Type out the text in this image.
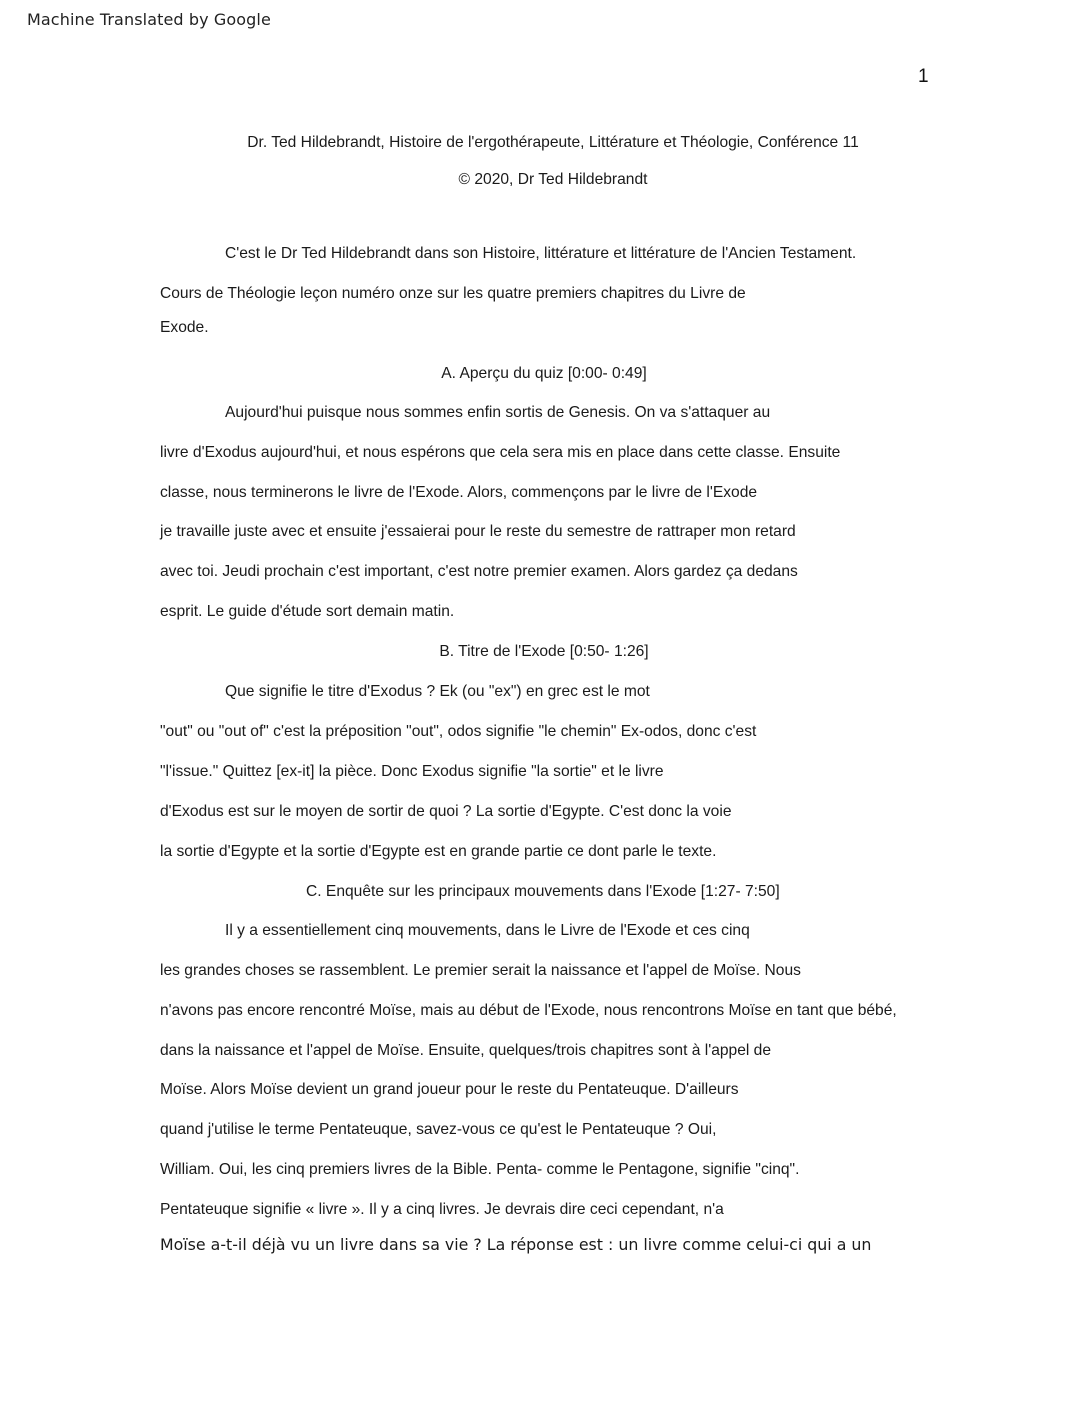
Machine Translated by Google
1
Dr. Ted Hildebrandt, Histoire de l'ergothérapeute, Littérature et Théologie, Conférence 11
© 2020, Dr Ted Hildebrandt
C'est le Dr Ted Hildebrandt dans son Histoire, littérature et littérature de l'Ancien Testament.
Cours de Théologie leçon numéro onze sur les quatre premiers chapitres du Livre de
Exode.
A. Aperçu du quiz [0:00- 0:49]
Aujourd'hui puisque nous sommes enfin sortis de Genesis. On va s'attaquer au
livre d'Exodus aujourd'hui, et nous espérons que cela sera mis en place dans cette classe. Ensuite
classe, nous terminerons le livre de l'Exode. Alors, commençons par le livre de l'Exode
je travaille juste avec et ensuite j'essaierai pour le reste du semestre de rattraper mon retard
avec toi. Jeudi prochain c'est important, c'est notre premier examen. Alors gardez ça dedans
esprit. Le guide d'étude sort demain matin.
B. Titre de l'Exode [0:50- 1:26]
Que signifie le titre d'Exodus ? Ek (ou "ex") en grec est le mot
"out" ou "out of" c'est la préposition "out", odos signifie "le chemin" Ex-odos, donc c'est
"l'issue." Quittez [ex-it] la pièce. Donc Exodus signifie "la sortie" et le livre
d'Exodus est sur le moyen de sortir de quoi ? La sortie d'Egypte. C'est donc la voie
la sortie d'Egypte et la sortie d'Egypte est en grande partie ce dont parle le texte.
C. Enquête sur les principaux mouvements dans l'Exode [1:27- 7:50]
Il y a essentiellement cinq mouvements, dans le Livre de l'Exode et ces cinq
les grandes choses se rassemblent. Le premier serait la naissance et l'appel de Moïse. Nous
n'avons pas encore rencontré Moïse, mais au début de l'Exode, nous rencontrons Moïse en tant que bébé,
dans la naissance et l'appel de Moïse. Ensuite, quelques/trois chapitres sont à l'appel de
Moïse. Alors Moïse devient un grand joueur pour le reste du Pentateuque. D'ailleurs
quand j'utilise le terme Pentateuque, savez-vous ce qu'est le Pentateuque ? Oui,
William. Oui, les cinq premiers livres de la Bible. Penta- comme le Pentagone, signifie "cinq".
Pentateuque signifie « livre ». Il y a cinq livres. Je devrais dire ceci cependant, n'a
Moïse a-t-il déjà vu un livre dans sa vie ? La réponse est : un livre comme celui-ci qui a un
